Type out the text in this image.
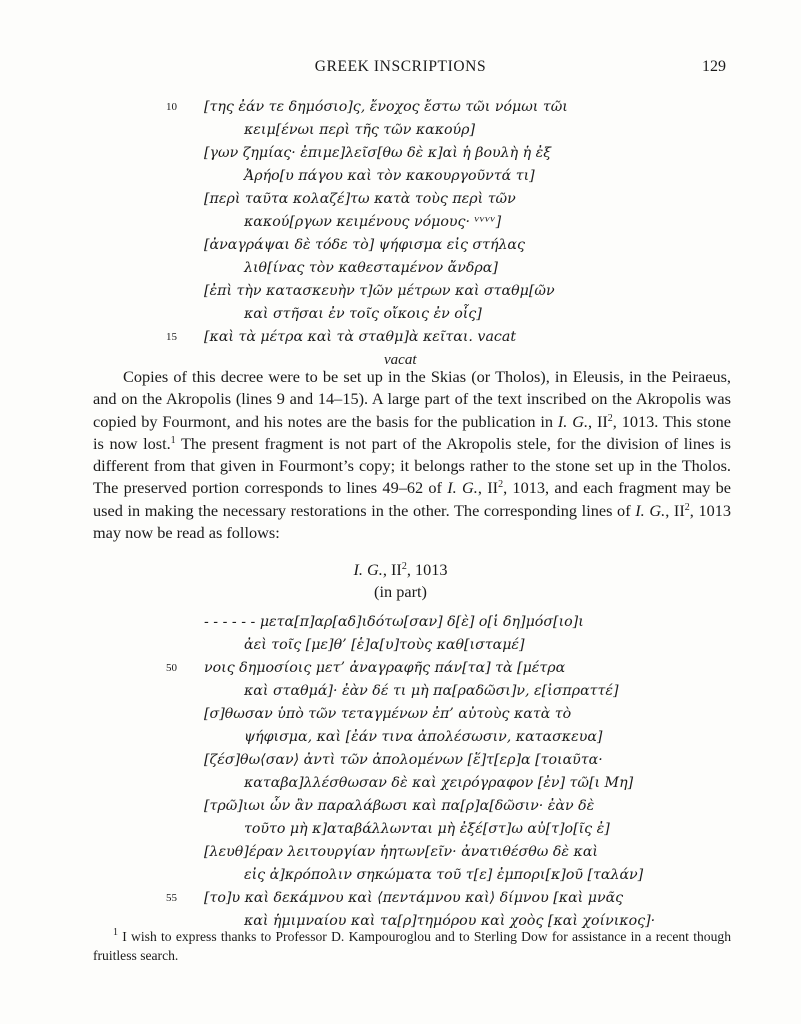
GREEK INSCRIPTIONS	129
10 [της ἐάν τε δημόσιο]ς, ἔνοχος ἔστω τῶι νόμωι τῶι
κειμ[ένωι περὶ τῆς τῶν κακούρ]
[γων ζημίας· ἐπιμε]λεῖσ[θω δὲ κ]αὶ ἡ βουλὴ ἡ ἐξ
Ἀρήο[υ πάγου καὶ τὸν κακουργοῦντά τι]
[περὶ ταῦτα κολαζέ]τω κατὰ τοὺς περὶ τῶν
κακού[ργων κειμένους νόμους· ᵛᵛᵛᵛ]
[ἀναγράψαι δὲ τόδε τὸ] ψήφισμα εἰς στήλας
λιθ[ίνας τὸν καθεσταμένον ἄνδρα]
[ἐπὶ τὴν κατασκευὴν τ]ῶν μέτρων καὶ σταθμ[ῶν
καὶ στῆσαι ἐν τοῖς οἴκοις ἐν οἷς]
15 [καὶ τὰ μέτρα καὶ τὰ σταθμ]ὰ κεῖται. vacat
vacat

Copies of this decree were to be set up in the Skias (or Tholos), in Eleusis, in the Peiraeus, and on the Akropolis (lines 9 and 14–15). A large part of the text inscribed on the Akropolis was copied by Fourmont, and his notes are the basis for the publication in I. G., $II^2$, 1013. This stone is now lost.$^1$ The present fragment is not part of the Akropolis stele, for the division of lines is different from that given in Fourmont’s copy; it belongs rather to the stone set up in the Tholos. The preserved portion corresponds to lines 49–62 of I. G., $II^2$, 1013, and each fragment may be used in making the necessary restorations in the other. The corresponding lines of I. G., $II^2$, 1013 may now be read as follows:

I. G., $II^2$, 1013
(in part)
‐ ‐ ‐ ‐ ‐ ‐ μετα[π]αρ[αδ]ιδότω[σαν] δ[ὲ] ο[ἱ δη]μόσ[ιο]ι
ἀεὶ τοῖς [με]θ’ [ἑ]α[υ]τοὺς καθ[ισταμέ]
50 νοις δημοσίοις μετ’ ἀναγραφῆς πάν[τα] τὰ [μέτρα
καὶ σταθμά]· ἐὰν δέ τι μὴ πα[ραδῶσι]ν, ε[ἰσπραττέ]
[σ]θωσαν ὑπὸ τῶν τεταγμένων ἐπ’ αὐτοὺς κατὰ τὸ
ψήφισμα, καὶ [ἐάν τινα ἀπολέσωσιν, κατασκευα]
[ζέσ]θω⟨σαν⟩ ἀντὶ τῶν ἀπολομένων [ἕ]τ[ερ]α [τοιαῦτα·
καταβα]λλέσθωσαν δὲ καὶ χειρόγραφον [ἐν] τῶ[ι Μη]
[τρῶ]ιωι ὧν ἂν παραλάβωσι καὶ πα[ρ]α[δῶσιν· ἐὰν δὲ
τοῦτο μὴ κ]αταβάλλωνται μὴ ἐξέ[στ]ω αὐ[τ]ο[ῖς ἐ]
[λευθ]έραν λειτουργίαν ἡητων[εῖν· ἀνατιθέσθω δὲ καὶ
εἰς ἀ]κρόπολιν σηκώματα τοῦ τ[ε] ἐμπορι[κ]οῦ [ταλάν]
55 [το]υ καὶ δεκάμνου καὶ ⟨πεντάμνου καὶ⟩ δίμνου [καὶ μνᾶς
καὶ ἡμιμναίου καὶ τα[ρ]τημόρου καὶ χοὸς [καὶ χοίνικος]·

$^1$ I wish to express thanks to Professor D. Kampouroglou and to Sterling Dow for assistance in a recent though fruitless search.
